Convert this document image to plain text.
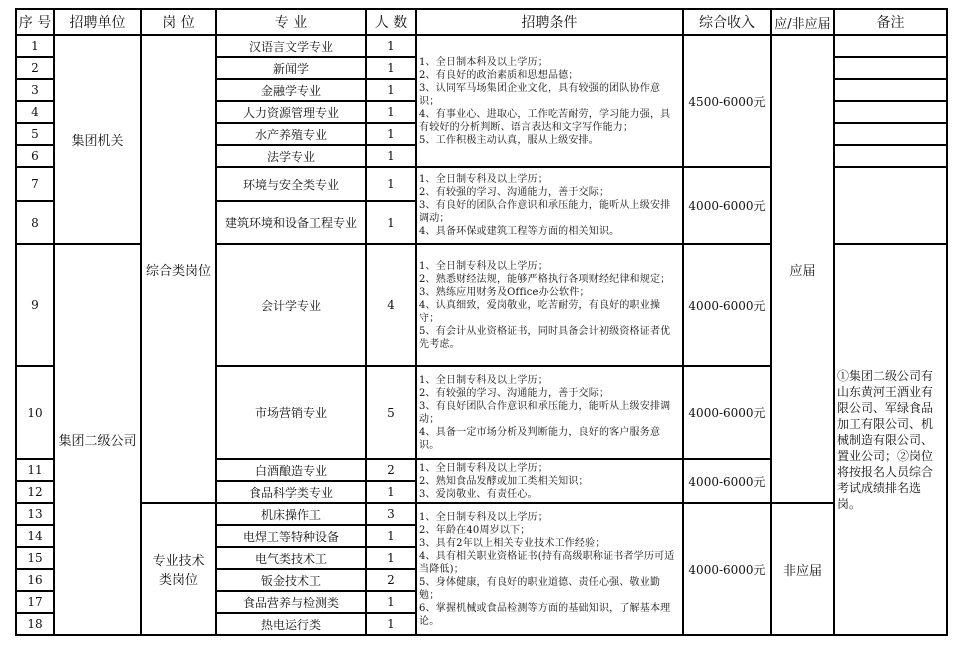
序 号	招聘单位	岗 位	专 业	人 数	招聘条件	综合收入	应/非应届	备注
1	集团机关	综合类岗位	汉语言文学专业	1	1、全日制本科及以上学历；
2、有良好的政治素质和思想品德；
3、认同军马场集团企业文化，具有较强的团队协作意识；
4、有事业心、进取心，工作吃苦耐劳，学习能力强，具有较好的分析判断、语言表达和文字写作能力；
5、工作积极主动认真，服从上级安排。	4500-6000元	应届	
2			新闻学	1				
3			金融学专业	1				
4			人力资源管理专业	1				
5			水产养殖专业	1				
6			法学专业	1				
7			环境与安全类专业	1	1、全日制专科及以上学历；
2、有较强的学习、沟通能力，善于交际；
3、有良好的团队合作意识和承压能力，能听从上级安排调动；
4、具备环保或建筑工程等方面的相关知识。	4000-6000元		
8			建筑环境和设备工程专业	1				
9	集团二级公司		会计学专业	4	1、全日制专科及以上学历；
2、熟悉财经法规，能够严格执行各项财经纪律和规定；
3、熟练应用财务及Office办公软件；
4、认真细致，爱岗敬业，吃苦耐劳，有良好的职业操守；
5、有会计从业资格证书，同时具备会计初级资格证者优先考虑。	4000-6000元		①集团二级公司有山东黄河王酒业有限公司、军绿食品加工有限公司、机械制造有限公司、置业公司；②岗位将按报名人员综合考试成绩排名选岗。
10			市场营销专业	5	1、全日制专科及以上学历；
2、有较强的学习、沟通能力，善于交际；
3、有良好团队合作意识和承压能力，能听从上级安排调动；
4、具备一定市场分析及判断能力，良好的客户服务意识。	4000-6000元		
11			白酒酿造专业	2	1、全日制专科及以上学历；
2、熟知食品发酵或加工类相关知识；
3、爱岗敬业、有责任心。	4000-6000元		
12			食品科学类专业	1				
13	专业技术类岗位	机床操作工	3	1、全日制专科及以上学历；
2、年龄在40周岁以下；
3、具有2年以上相关专业技术工作经验；
4、具有相关职业资格证书(持有高级职称证书者学历可适当降低)；
5、身体健康，有良好的职业道德、责任心强、敬业勤勉；
6、掌握机械或食品检测等方面的基础知识，了解基本理论。
	4000-6000元	非应届
14			电焊工等特种设备	1				
15			电气类技术工	1				
16			钣金技术工	2				
17			食品营养与检测类	1				
18			热电运行类	1				
